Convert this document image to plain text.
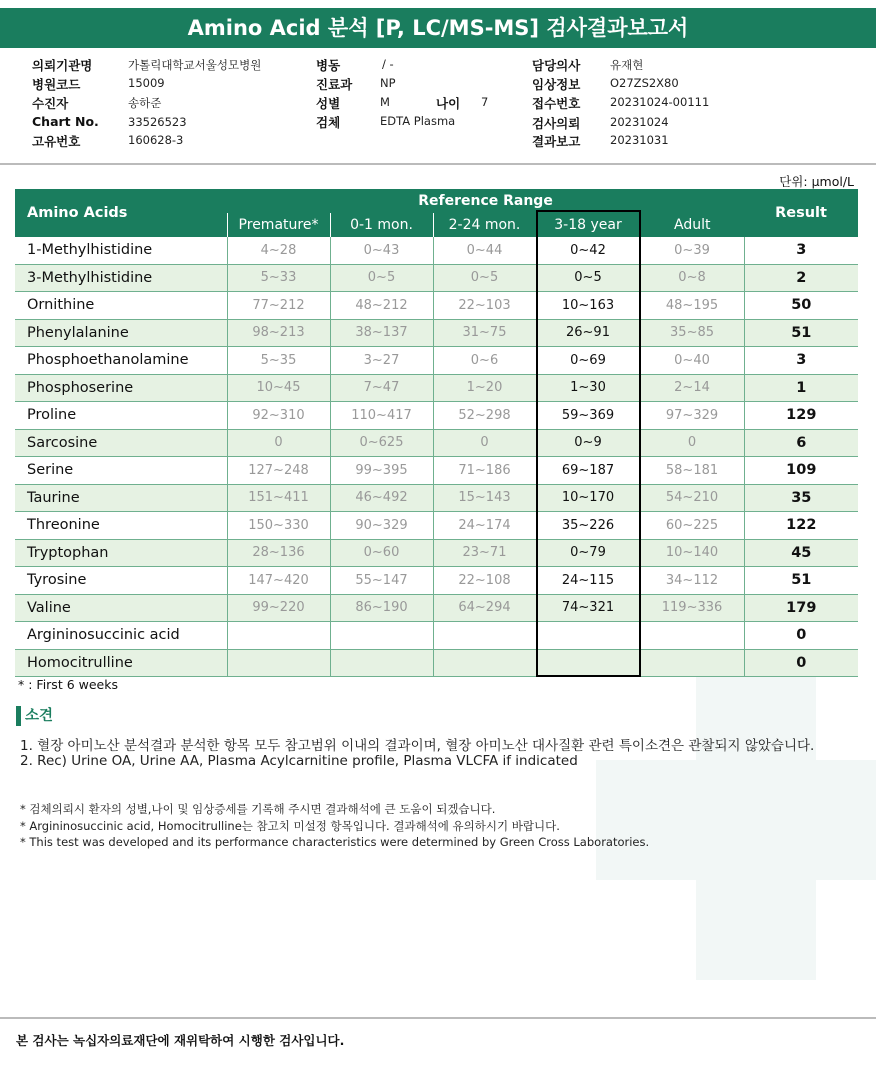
Amino Acid 분석 [P, LC/MS-MS] 검사결과보고서
의뢰기관명	가톨릭대학교서울성모병원
병원코드	15009
수진자	송하준
Chart No.	33526523
고유번호	160628-3
병동	/ -
진료과 NP
성별	M	나이 7
검체	EDTA Plasma
담당의사	유재현
임상정보	O27ZS2X80
접수번호	20231024-00111
검사의뢰	20231024
결과보고	20231031
단위: μmol/L
Amino Acids	Reference Range					Result
	Premature*	0-1 mon.	2-24 mon.	3-18 year	Adult	
1-Methylhistidine	4~28	0~43	0~44	0~42	0~39	3
3-Methylhistidine	5~33	0~5	0~5	0~5	0~8	2
Ornithine	77~212	48~212	22~103	10~163	48~195	50
Phenylalanine	98~213	38~137	31~75	26~91	35~85	51
Phosphoethanolamine	5~35	3~27	0~6	0~69	0~40	3
Phosphoserine	10~45	7~47	1~20	1~30	2~14	1
Proline	92~310	110~417	52~298	59~369	97~329	129
Sarcosine	0	0~625	0	0~9	0	6
Serine	127~248	99~395	71~186	69~187	58~181	109
Taurine	151~411	46~492	15~143	10~170	54~210	35
Threonine	150~330	90~329	24~174	35~226	60~225	122
Tryptophan	28~136	0~60	23~71	0~79	10~140	45
Tyrosine	147~420	55~147	22~108	24~115	34~112	51
Valine	99~220	86~190	64~294	74~321	119~336	179
Argininosuccinic acid						0
Homocitrulline						0
* : First 6 weeks
소견
1. 혈장 아미노산 분석결과 분석한 항목 모두 참고범위 이내의 결과이며, 혈장 아미노산 대사질환 관련 특이소견은 관찰되지 않았습니다.
2. Rec) Urine OA, Urine AA, Plasma Acylcarnitine profile, Plasma VLCFA if indicated
* 검체의뢰시 환자의 성별,나이 및 임상증세를 기록해 주시면 결과해석에 큰 도움이 되겠습니다.
* Argininosuccinic acid, Homocitrulline는 참고치 미설정 항목입니다. 결과해석에 유의하시기 바랍니다.
* This test was developed and its performance characteristics were determined by Green Cross Laboratories.
본 검사는 녹십자의료재단에 재위탁하여 시행한 검사입니다.
